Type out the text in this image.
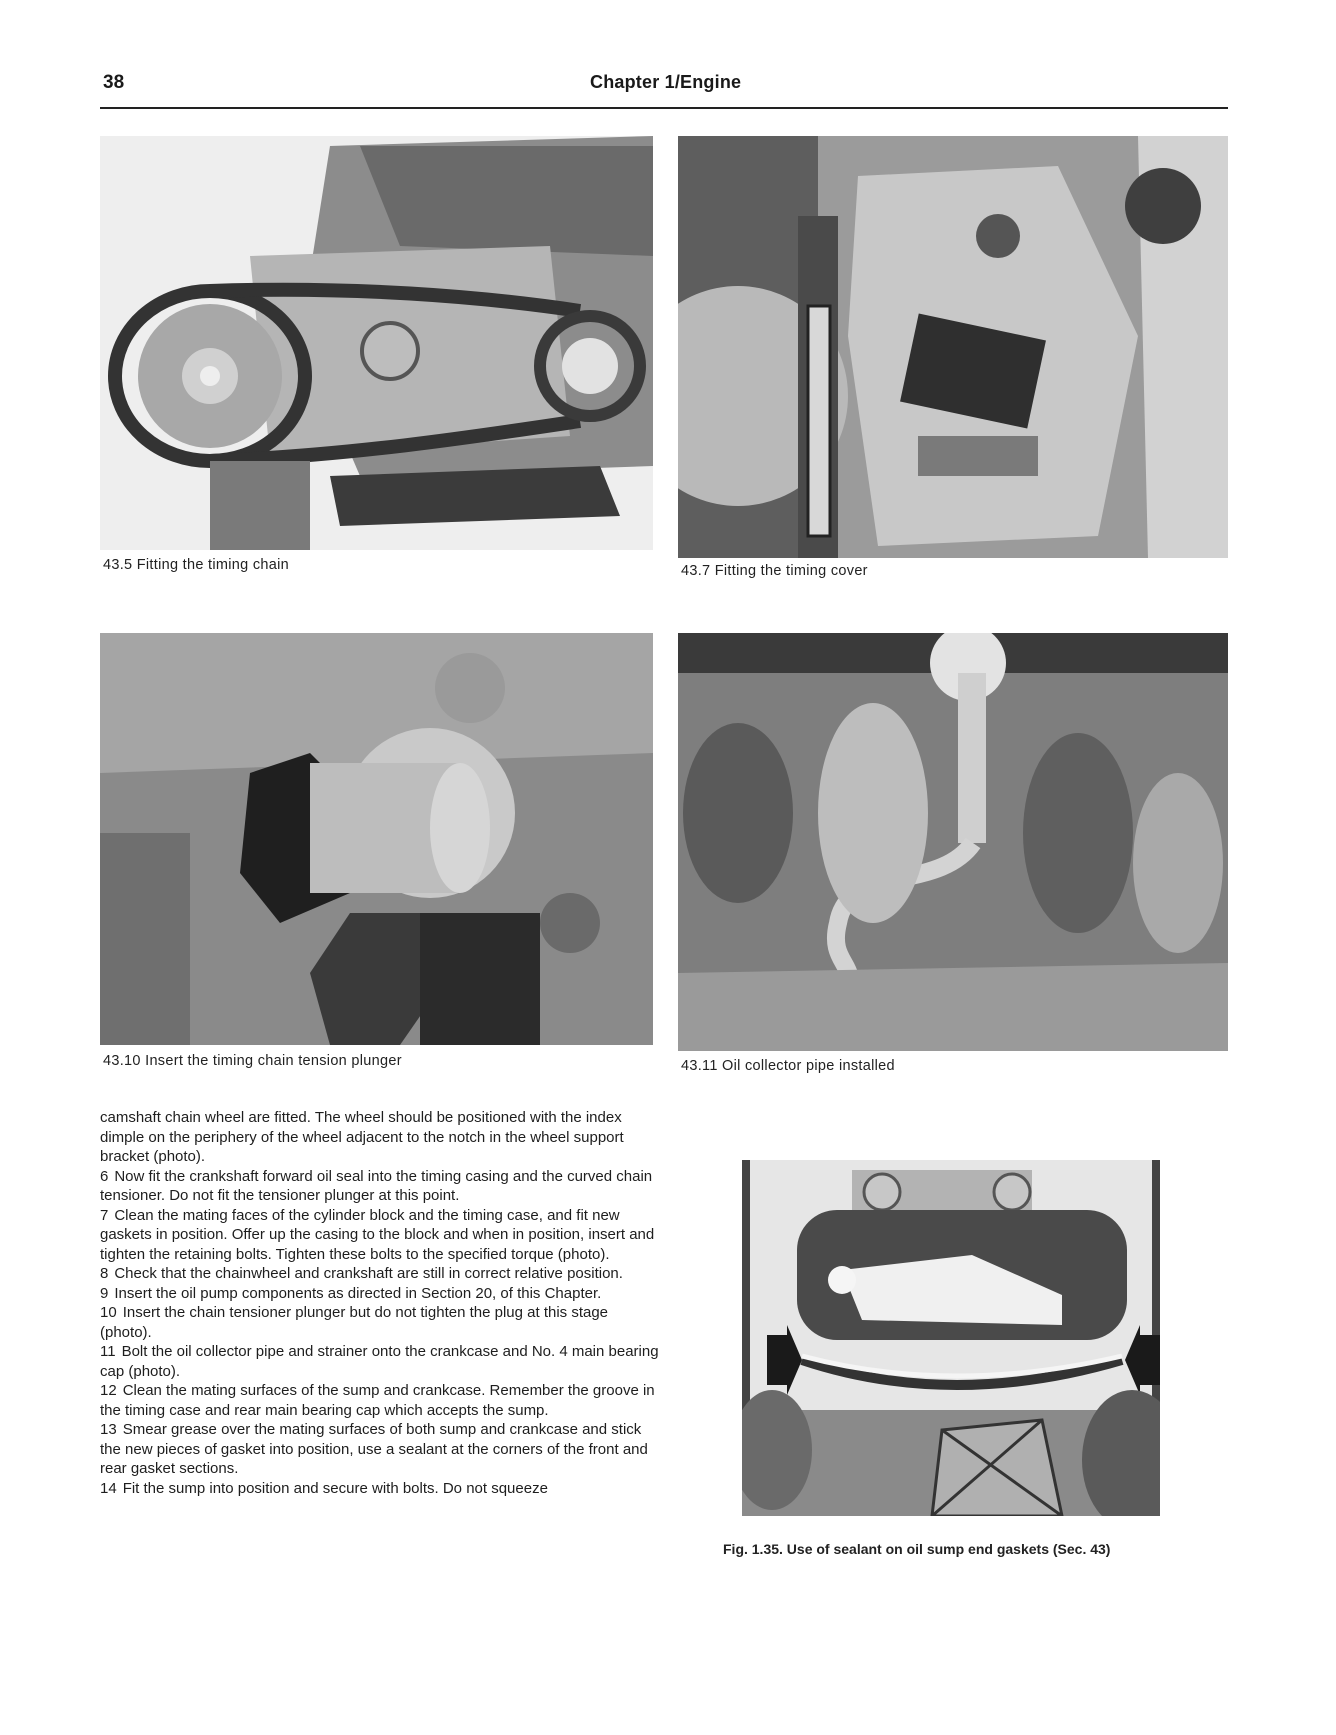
38	Chapter 1/Engine
43.5 Fitting the timing chain	43.7 Fitting the timing cover
43.10 Insert the timing chain tension plunger	43.11 Oil collector pipe installed

camshaft chain wheel are fitted. The wheel should be positioned with the index dimple on the periphery of the wheel adjacent to the notch in the wheel support bracket (photo).

6 Now fit the crankshaft forward oil seal into the timing casing and the curved chain tensioner. Do not fit the tensioner plunger at this point.

7 Clean the mating faces of the cylinder block and the timing case, and fit new gaskets in position. Offer up the casing to the block and when in position, insert and tighten the retaining bolts. Tighten these bolts to the specified torque (photo).

8 Check that the chainwheel and crankshaft are still in correct relative position.

9 Insert the oil pump components as directed in Section 20, of this Chapter.

10 Insert the chain tensioner plunger but do not tighten the plug at this stage (photo).

11 Bolt the oil collector pipe and strainer onto the crankcase and No. 4 main bearing cap (photo).

12 Clean the mating surfaces of the sump and crankcase. Remember the groove in the timing case and rear main bearing cap which accepts the sump.

13 Smear grease over the mating surfaces of both sump and crankcase and stick the new pieces of gasket into position, use a sealant at the corners of the front and rear gasket sections.

14 Fit the sump into position and secure with bolts. Do not squeeze

Fig. 1.35. Use of sealant on oil sump end gaskets (Sec. 43)
